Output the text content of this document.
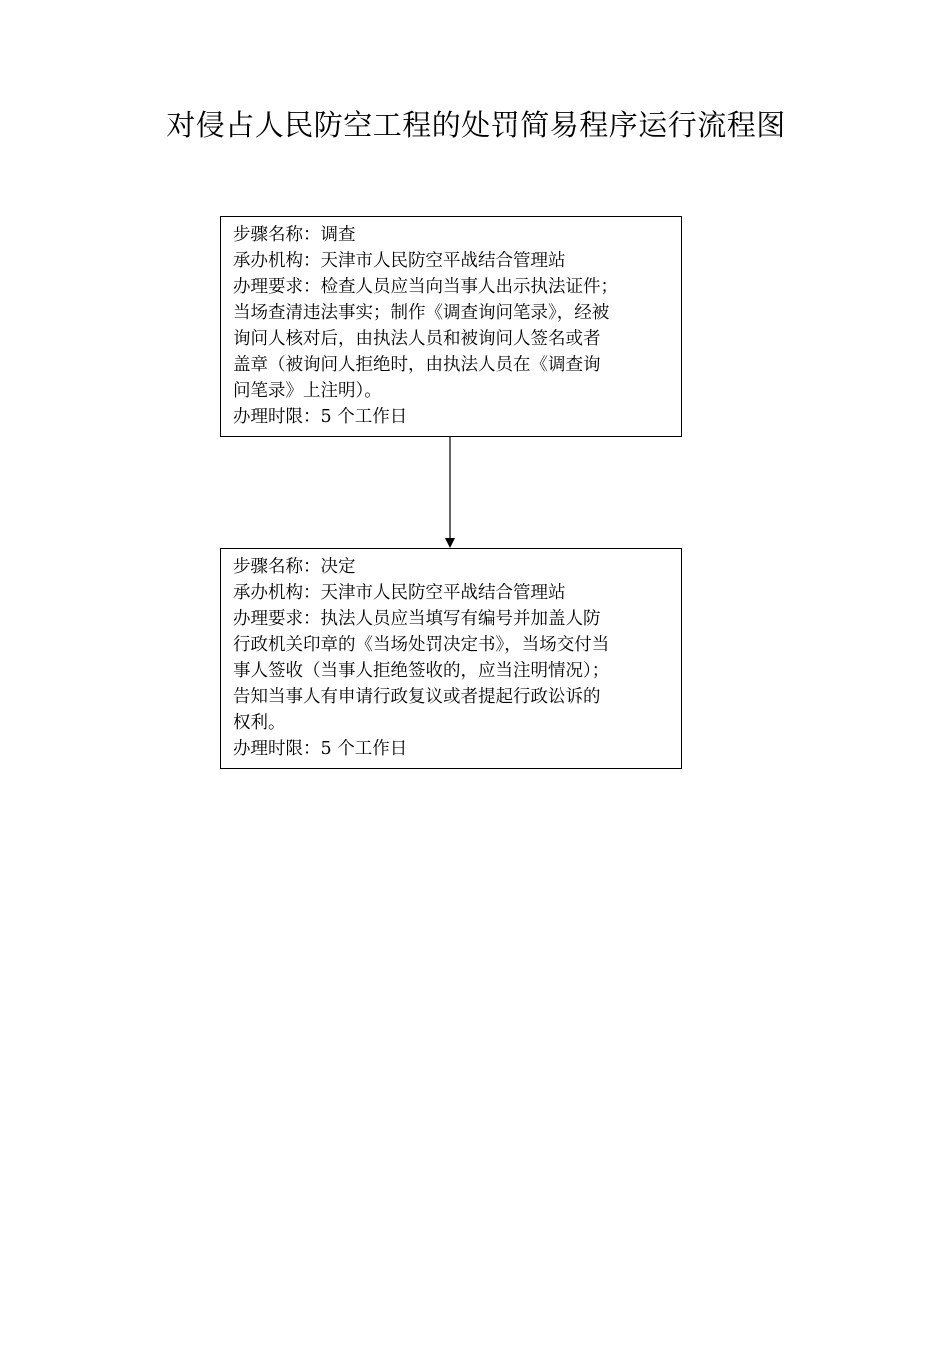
对侵占人民防空工程的处罚简易程序运行流程图
步骤名称：调查
承办机构：天津市人民防空平战结合管理站
办理要求：检查人员应当向当事人出示执法证件；
当场查清违法事实；制作《调查询问笔录》，经被
询问人核对后，由执法人员和被询问人签名或者
盖章（被询问人拒绝时，由执法人员在《调查询
问笔录》上注明）。
办理时限：5 个工作日
步骤名称：决定
承办机构：天津市人民防空平战结合管理站
办理要求：执法人员应当填写有编号并加盖人防
行政机关印章的《当场处罚决定书》，当场交付当
事人签收（当事人拒绝签收的，应当注明情况）；
告知当事人有申请行政复议或者提起行政讼诉的
权利。
办理时限：5 个工作日
